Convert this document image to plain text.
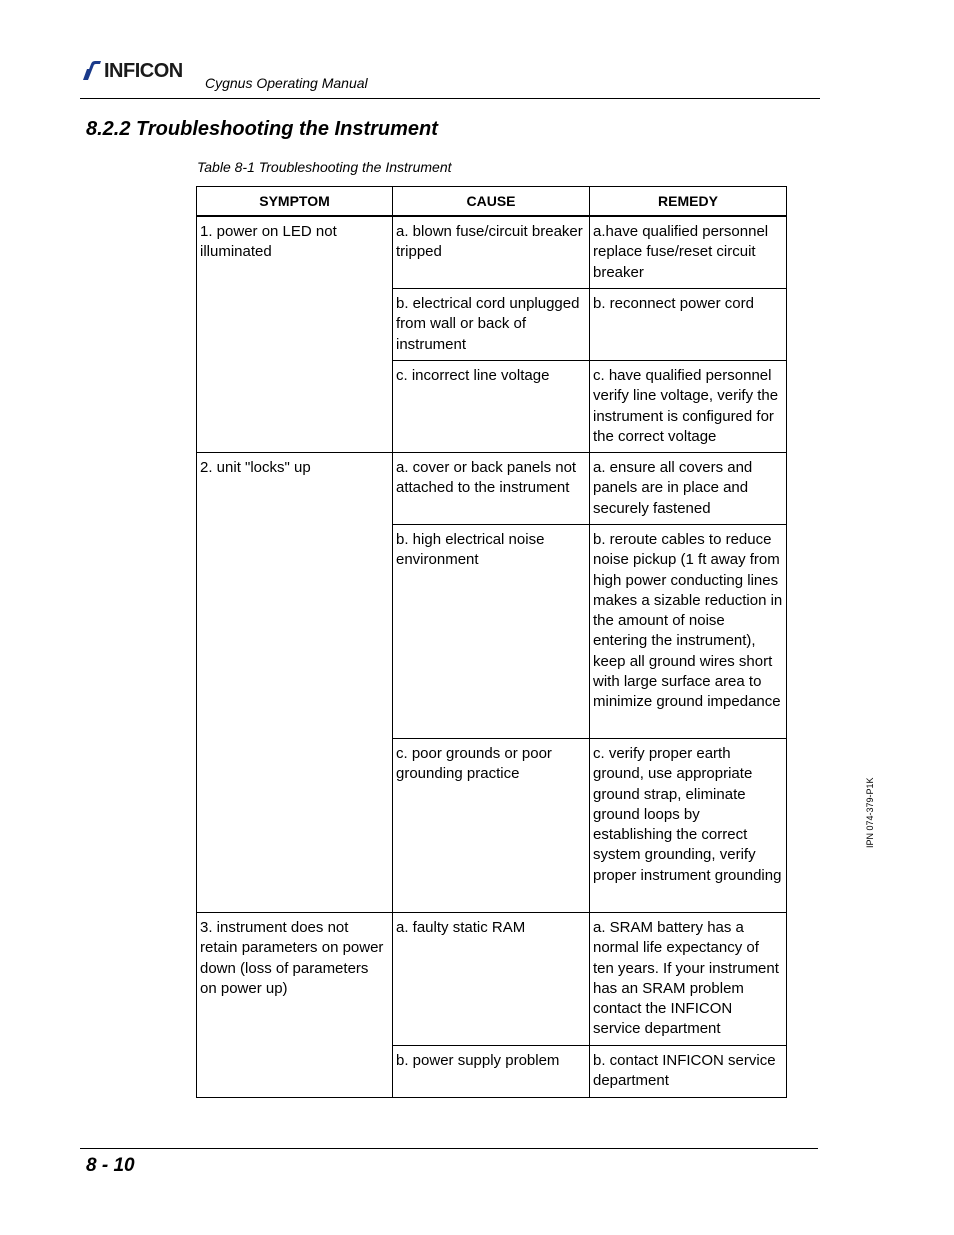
INFICON
Cygnus Operating Manual
8.2.2 Troubleshooting the Instrument
Table 8-1 Troubleshooting the Instrument
SYMPTOM	CAUSE	REMEDY
1. power on LED not illuminated	a. blown fuse/circuit breaker tripped	a.have qualified personnel replace fuse/reset circuit breaker
	b. electrical cord unplugged from wall or back of instrument	b. reconnect power cord
	c. incorrect line voltage	c. have qualified personnel verify line voltage, verify the instrument is configured for the correct voltage
2. unit "locks" up	a. cover or back panels not attached to the instrument	a. ensure all covers and panels are in place and securely fastened
	b. high electrical noise environment	b. reroute cables to reduce noise pickup (1 ft away from high power conducting lines makes a sizable reduction in the amount of noise entering the instrument), keep all ground wires short with large surface area to minimize ground impedance
	c. poor grounds or poor grounding practice	c. verify proper earth ground, use appropriate ground strap, eliminate ground loops by establishing the correct system grounding, verify proper instrument grounding
3. instrument does not retain parameters on power down (loss of parameters on power up)	a. faulty static RAM	a. SRAM battery has a normal life expectancy of ten years. If your instrument has an SRAM problem contact the INFICON service department
	b. power supply problem	b. contact INFICON service department
IPN 074-379-P1K
8 - 10
